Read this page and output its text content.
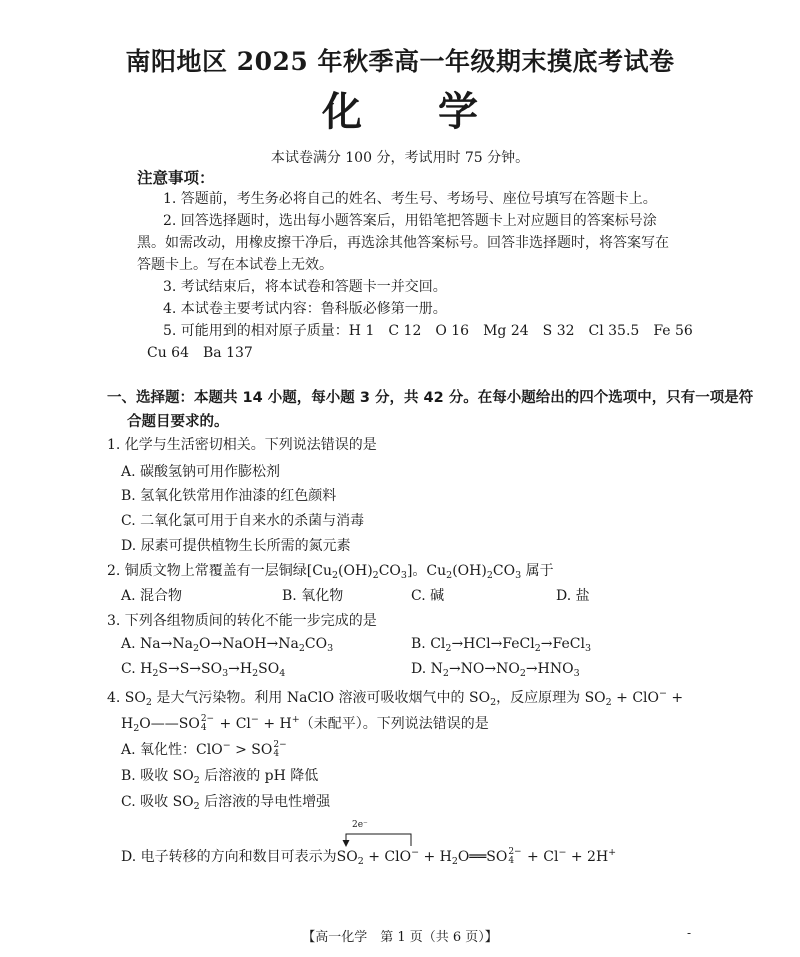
南阳地区 2025 年秋季高一年级期末摸底考试卷
化 学
本试卷满分 100 分，考试用时 75 分钟。
注意事项：
1. 答题前，考生务必将自己的姓名、考生号、考场号、座位号填写在答题卡上。
2. 回答选择题时，选出每小题答案后，用铅笔把答题卡上对应题目的答案标号涂
黑。如需改动，用橡皮擦干净后，再选涂其他答案标号。回答非选择题时，将答案写在
答题卡上。写在本试卷上无效。
3. 考试结束后，将本试卷和答题卡一并交回。
4. 本试卷主要考试内容：鲁科版必修第一册。
5. 可能用到的相对原子质量：H 1　C 12　O 16　Mg 24　S 32　Cl 35.5　Fe 56
Cu 64　Ba 137
一、选择题：本题共 14 小题，每小题 3 分，共 42 分。在每小题给出的四个选项中，只有一项是符
合题目要求的。
1. 化学与生活密切相关。下列说法错误的是
A. 碳酸氢钠可用作膨松剂
B. 氢氧化铁常用作油漆的红色颜料
C. 二氧化氯可用于自来水的杀菌与消毒
D. 尿素可提供植物生长所需的氮元素
2. 铜质文物上常覆盖有一层铜绿$[Cu_2(OH)_2CO_3]$。$Cu_2(OH)_2CO_3$ 属于
A. 混合物	B. 氧化物	C. 碱	D. 盐
3. 下列各组物质间的转化不能一步完成的是
A. $Na\to Na_2O\to NaOH\to Na_2CO_3$	B. $Cl_2\to HCl\to FeCl_2\to FeCl_3$
C. $H_2S\to S\to SO_3\to H_2SO_4$	D. $N_2\to NO\to NO_2\to HNO_3$
4. $SO_2$ 是大气污染物。利用 NaClO 溶液可吸收烟气中的 $SO_2$，反应原理为 $SO_2 + ClO^-$ +
$H_2O——SO$ 2−
4 + Cl− + H+（未配平）。下列说法错误的是
A. 氧化性：ClO− > SO 2−
4
B. 吸收 $SO_2$ 后溶液的 pH 降低
C. 吸收 $SO_2$ 后溶液的导电性增强
2e⁻
D. 电子转移的方向和数目可表示为$SO_2 + ClO^-$ + $H_2O══SO$ 2−
4 + Cl− + 2H+
【高一化学　第 1 页（共 6 页）】	-
